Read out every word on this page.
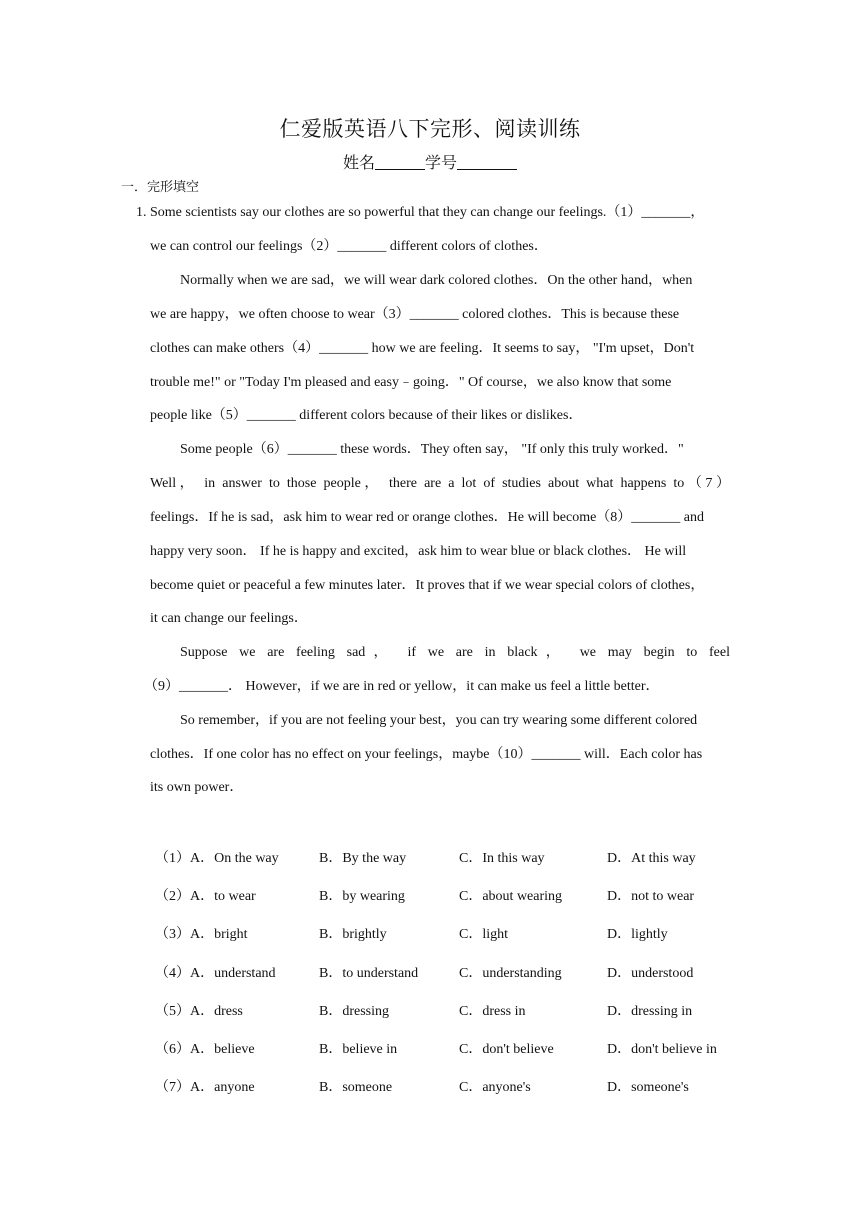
仁爱版英语八下完形、阅读训练
姓名	学号
一．完形填空
1. Some scientists say our clothes are so powerful that they can change our feelings.（1）_______，
we can control our feelings（2）_______ different colors of clothes．
Normally when we are sad，we will wear dark colored clothes．On the other hand，when
we are happy，we often choose to wear（3）_______ colored clothes．This is because these
clothes can make others（4）_______ how we are feeling．It seems to say， "I'm upset，Don't
trouble me!" or "Today I'm pleased and easy﹣going．" Of course，we also know that some
people like（5）_______ different colors because of their likes or dislikes．
Some people（6）_______ these words．They often say， "If only this truly worked．"
Well， in answer to those people， there are a lot of studies about what happens to（7）
feelings．If he is sad，ask him to wear red or orange clothes．He will become（8）_______ and
happy very soon． If he is happy and excited，ask him to wear blue or black clothes． He will
become quiet or peaceful a few minutes later．It proves that if we wear special colors of clothes，
it can change our feelings．
Suppose we are feeling sad， if we are in black， we may begin to feel
（9）_______． However，if we are in red or yellow，it can make us feel a little better．
So remember，if you are not feeling your best，you can try wearing some different colored
clothes．If one color has no effect on your feelings，maybe（10）_______ will．Each color has
its own power．
（1）A．On the way	B．By the way	C．In this way	D．At this way
（2）A．to wear	B．by wearing	C．about wearing	D．not to wear
（3）A．bright	B．brightly	C．light	D．lightly
（4）A．understand	B．to understand	C．understanding	D．understood
（5）A．dress	B．dressing	C．dress in	D．dressing in
（6）A．believe	B．believe in	C．don't believe	D．don't believe in
（7）A．anyone	B．someone	C．anyone's	D．someone's
